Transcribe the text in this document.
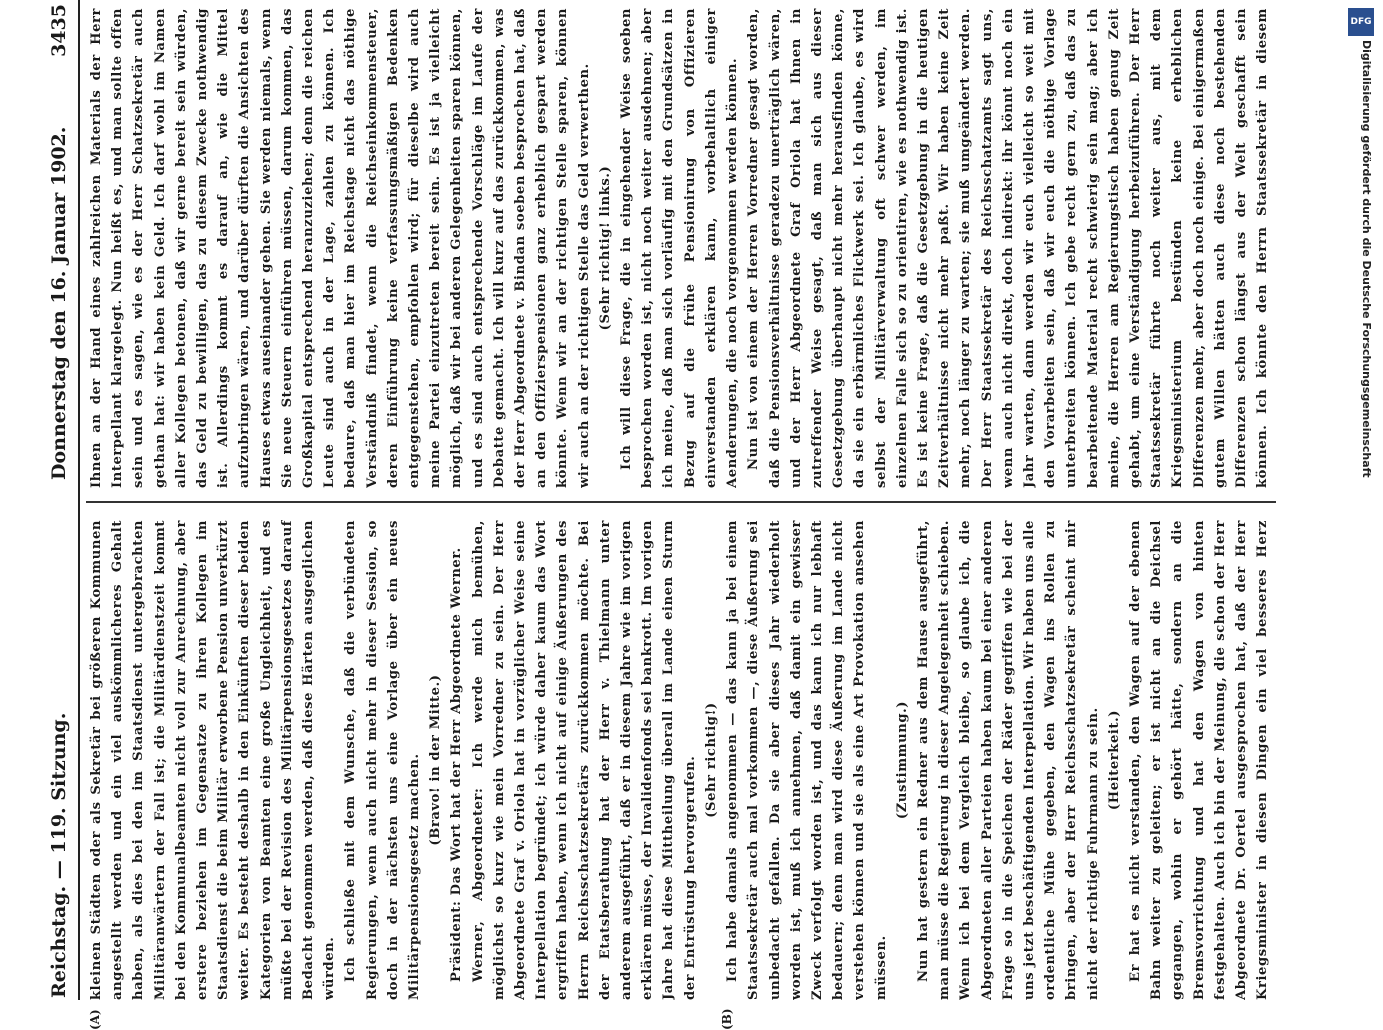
Reichstag. — 119. Sitzung.
Donnerstag den 16. Januar 1902.
3435

kleinen Städten oder als Sekretär bei größeren Kommunen angestellt werden und ein viel auskömmlicheres Gehalt haben, als dies bei den im Staatsdienst untergebrachten Militäranwärtern der Fall ist; die Militärdienstzeit kommt bei den Kommunalbeamten nicht voll zur Anrechnung, aber erstere beziehen im Gegensatze zu ihren Kollegen im Staatsdienst die beim Militär erworbene Pension unverkürzt weiter. Es besteht deshalb in den Einkünften dieser beiden Kategorien von Beamten eine große Ungleichheit, und es müßte bei der Revision des Militärpensionsgesetzes darauf Bedacht genommen werden, daß diese Härten ausgeglichen würden. Ich schließe mit dem Wunsche, daß die verbündeten Regierungen, wenn auch nicht mehr in dieser Session, so doch in der nächsten uns eine Vorlage über ein neues Militärpensionsgesetz machen. (Bravo! in der Mitte.) Präsident: Das Wort hat der Herr Abgeordnete Werner. Werner, Abgeordneter: Ich werde mich bemühen, möglichst so kurz wie mein Vorredner zu sein. Der Herr Abgeordnete Graf v. Oriola hat in vorzüglicher Weise seine Interpellation begründet; ich würde daher kaum das Wort ergriffen haben, wenn ich nicht auf einige Äußerungen des Herrn Reichsschatzsekretärs zurückkommen möchte. Bei der Etatsberathung hat der Herr v. Thielmann unter anderem ausgeführt, daß er in diesem Jahre wie im vorigen erklären müsse, der Invalidenfonds sei bankrott. Im vorigen Jahre hat diese Mittheilung überall im Lande einen Sturm der Entrüstung hervorgerufen. (Sehr richtig!) Ich habe damals angenommen — das kann ja bei einem Staatssekretär auch mal vorkommen —, diese Äußerung sei unbedacht gefallen. Da sie aber dieses Jahr wiederholt worden ist, muß ich annehmen, daß damit ein gewisser Zweck verfolgt worden ist, und das kann ich nur lebhaft bedauern; denn man wird diese Äußerung im Lande nicht verstehen können und sie als eine Art Provokation ansehen müssen.

(Zustimmung.) Nun hat gestern ein Redner aus dem Hause ausgeführt, man müsse die Regierung in dieser Angelegenheit schieben. Wenn ich bei dem Vergleich bleibe, so glaube ich, die Abgeordneten aller Parteien haben kaum bei einer anderen Frage so in die Speichen der Räder gegriffen wie bei der uns jetzt beschäftigenden Interpellation. Wir haben uns alle ordentliche Mühe gegeben, den Wagen ins Rollen zu bringen, aber der Herr Reichsschatzsekretär scheint mir nicht der richtige Fuhrmann zu sein. (Heiterkeit.)

Er hat es nicht verstanden, den Wagen auf der ebenen Bahn weiter zu geleiten; er ist nicht an die Deichsel gegangen, wohin er gehört hätte, sondern an die Bremsvorrichtung und hat den Wagen von hinten festgehalten. Auch ich bin der Meinung, die schon der Herr Abgeordnete Dr. Oertel ausgesprochen hat, daß der Herr Kriegsminister in diesen Dingen ein viel besseres Herz

Ihnen an der Hand eines zahlreichen Materials der Herr Interpellant klargelegt. Nun heißt es, und man sollte offen sein und es sagen, wie es der Herr Schatzsekretär auch gethan hat: wir haben kein Geld. Ich darf wohl im Namen aller Kollegen betonen, daß wir gerne bereit sein würden, das Geld zu bewilligen, das zu diesem Zwecke nothwendig ist. Allerdings kommt es darauf an, wie die Mittel aufzubringen wären, und darüber dürften die Ansichten des Hauses etwas auseinander gehen. Sie werden niemals, wenn Sie neue Steuern einführen müssen, darum kommen, das Großkapital entsprechend heranzuziehen; denn die reichen Leute sind auch in der Lage, zahlen zu können. Ich bedaure, daß man hier im Reichstage nicht das nöthige Verständniß findet, wenn die Reichseinkommensteuer, deren Einführung keine verfassungsmäßigen Bedenken entgegenstehen, empfohlen wird; für dieselbe wird auch meine Partei einzutreten bereit sein. Es ist ja vielleicht möglich, daß wir bei anderen Gelegenheiten sparen können, und es sind auch entsprechende Vorschläge im Laufe der Debatte gemacht. Ich will kurz auf das zurückkommen, was der Herr Abgeordnete v. Bindan soeben besprochen hat, daß an den Offizierspensionen ganz erheblich gespart werden könnte. Wenn wir an der richtigen Stelle sparen, können wir auch an der richtigen Stelle das Geld verwerthen. (Sehr richtig! links.) Ich will diese Frage, die in eingehender Weise soeben besprochen worden ist, nicht noch weiter ausdehnen; aber ich meine, daß man sich vorläufig mit den Grundsätzen in Bezug auf die frühe Pensionirung von Offizieren einverstanden erklären kann, vorbehaltlich einiger Aenderungen, die noch vorgenommen werden können. Nun ist von einem der Herren Vorredner gesagt worden, daß die Pensionsverhältnisse geradezu unerträglich wären, und der Herr Abgeordnete Graf Oriola hat Ihnen in zutreffender Weise gesagt, daß man sich aus dieser Gesetzgebung überhaupt nicht mehr herausfinden könne, da sie ein erbärmliches Flickwerk sei. Ich glaube, es wird selbst der Militärverwaltung oft schwer werden, im einzelnen Falle sich so zu orientiren, wie es nothwendig ist. Es ist keine Frage, daß die Gesetzgebung in die heutigen Zeitverhältnisse nicht mehr paßt. Wir haben keine Zeit mehr, noch länger zu warten; sie muß umgeändert werden. Der Herr Staatssekretär des Reichsschatzamts sagt uns, wenn auch nicht direkt, doch indirekt: ihr könnt noch ein Jahr warten, dann werden wir euch vielleicht so weit mit den Vorarbeiten sein, daß wir euch die nöthige Vorlage unterbreiten können. Ich gebe recht gern zu, daß das zu bearbeitende Material recht schwierig sein mag; aber ich meine, die Herren am Regierungstisch haben genug Zeit gehabt, um eine Verständigung herbeizuführen. Der Herr Staatssekretär führte noch weiter aus, mit dem Kriegsministerium bestünden keine erheblichen Differenzen mehr, aber doch noch einige. Bei einigermaßen gutem Willen hätten auch diese noch bestehenden Differenzen schon längst aus der Welt geschafft sein können. Ich könnte den Herrn Staatssekretär in diesem

(A)	(B)
DFG
Digitalisierung gefördert durch die Deutsche Forschungsgemeinschaft
